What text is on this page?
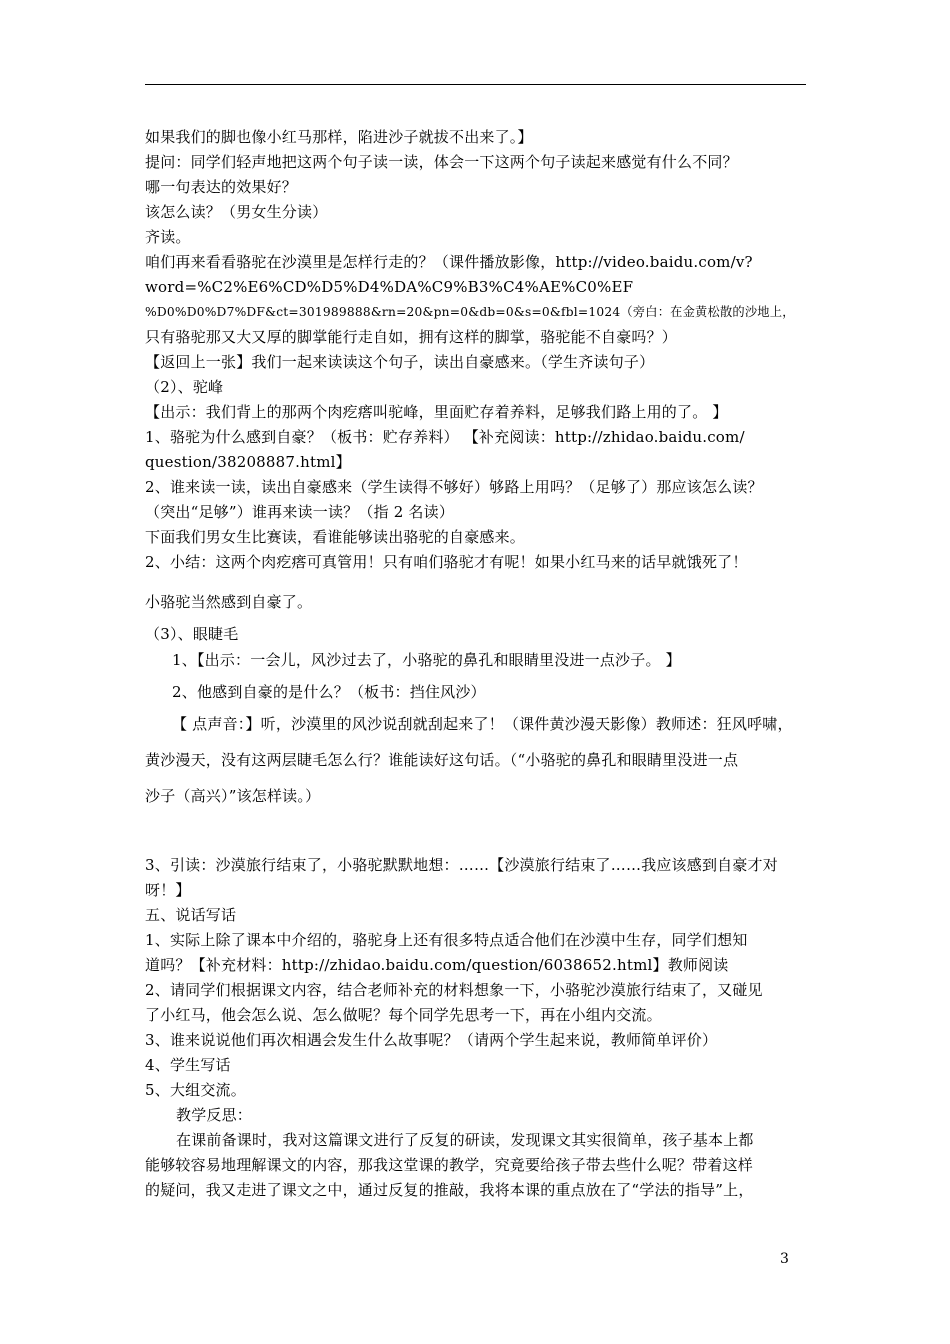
如果我们的脚也像小红马那样，陷进沙子就拔不出来了。】
提问：同学们轻声地把这两个句子读一读，体会一下这两个句子读起来感觉有什么不同？
哪一句表达的效果好？
该怎么读？（男女生分读）
齐读。
咱们再来看看骆驼在沙漠里是怎样行走的？（课件播放影像，http://video.baidu.com/v?
word=%C2%E6%CD%D5%D4%DA%C9%B3%C4%AE%C0%EF
%D0%D0%D7%DF&ct=301989888&rn=20&pn=0&db=0&s=0&fbl=1024（旁白：在金黄松散的沙地上，
只有骆驼那又大又厚的脚掌能行走自如，拥有这样的脚掌，骆驼能不自豪吗？）
【返回上一张】我们一起来读读这个句子，读出自豪感来。（学生齐读句子）
（2）、驼峰
【出示：我们背上的那两个肉疙瘩叫驼峰，里面贮存着养料，足够我们路上用的了。 】
1、骆驼为什么感到自豪？（板书：贮存养料） 【补充阅读：http://zhidao.baidu.com/
question/38208887.html】
2、谁来读一读，读出自豪感来（学生读得不够好）够路上用吗？（足够了）那应该怎么读？
（突出“足够”）谁再来读一读？（指 2 名读）
下面我们男女生比赛读，看谁能够读出骆驼的自豪感来。
2、小结：这两个肉疙瘩可真管用！只有咱们骆驼才有呢！如果小红马来的话早就饿死了！
小骆驼当然感到自豪了。
（3）、眼睫毛
1、【出示：一会儿，风沙过去了，小骆驼的鼻孔和眼睛里没进一点沙子。 】
2、他感到自豪的是什么？（板书：挡住风沙）
【 点声音：】听，沙漠里的风沙说刮就刮起来了！（课件黄沙漫天影像）教师述：狂风呼啸，
黄沙漫天，没有这两层睫毛怎么行？谁能读好这句话。（“小骆驼的鼻孔和眼睛里没进一点
沙子（高兴）”该怎样读。）
3、引读：沙漠旅行结束了，小骆驼默默地想：……【沙漠旅行结束了……我应该感到自豪才对
呀！】
五、说话写话
1、实际上除了课本中介绍的，骆驼身上还有很多特点适合他们在沙漠中生存，同学们想知
道吗？【补充材料：http://zhidao.baidu.com/question/6038652.html】教师阅读
2、请同学们根据课文内容，结合老师补充的材料想象一下，小骆驼沙漠旅行结束了，又碰见
了小红马，他会怎么说、怎么做呢？每个同学先思考一下，再在小组内交流。
3、谁来说说他们再次相遇会发生什么故事呢？（请两个学生起来说，教师简单评价）
4、学生写话
5、大组交流。
教学反思：
在课前备课时，我对这篇课文进行了反复的研读，发现课文其实很简单，孩子基本上都
能够较容易地理解课文的内容，那我这堂课的教学，究竟要给孩子带去些什么呢？带着这样
的疑问，我又走进了课文之中，通过反复的推敲，我将本课的重点放在了“学法的指导”上，
3
